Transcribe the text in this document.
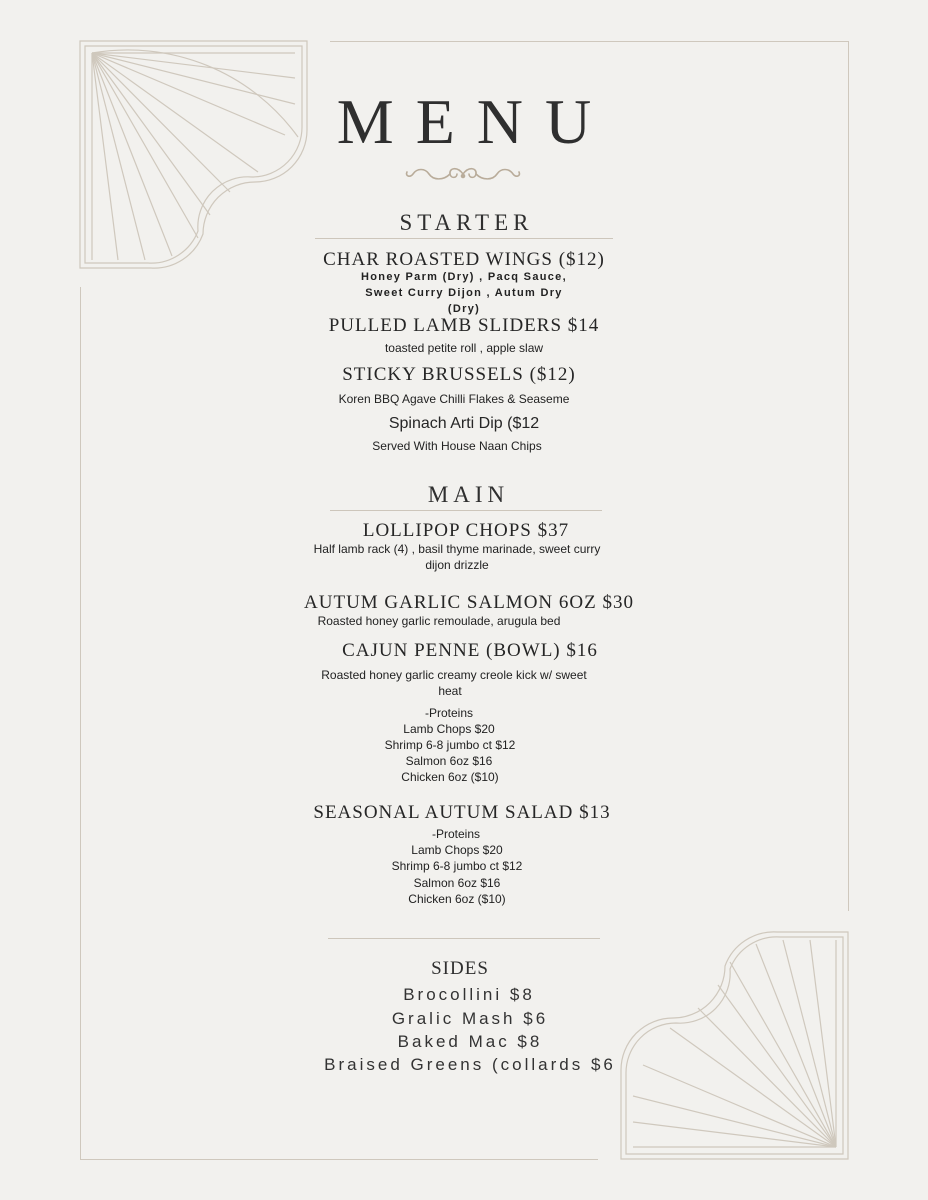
MENU
STARTER
CHAR ROASTED WINGS ($12)
Honey Parm (Dry) , Pacq Sauce,
Sweet Curry Dijon , Autum Dry
(Dry)
PULLED LAMB SLIDERS $14
toasted petite roll , apple slaw
STICKY BRUSSELS ($12)
Koren BBQ Agave Chilli Flakes & Seaseme
Spinach Arti Dip ($12
Served With House Naan Chips
MAIN
LOLLIPOP CHOPS $37
Half lamb rack (4) , basil thyme marinade, sweet curry
dijon drizzle
AUTUM GARLIC SALMON 6OZ $30
Roasted honey garlic remoulade, arugula bed
CAJUN PENNE (BOWL) $16
Roasted honey garlic creamy creole kick w/ sweet
heat
-Proteins
Lamb Chops $20
Shrimp 6-8 jumbo ct $12
Salmon 6oz $16
Chicken 6oz ($10)
SEASONAL AUTUM SALAD $13
-Proteins
Lamb Chops $20
Shrimp 6-8 jumbo ct $12
Salmon 6oz $16
Chicken 6oz ($10)
SIDES
Brocollini $8
Gralic Mash $6
Baked Mac $8
Braised Greens (collards $6
